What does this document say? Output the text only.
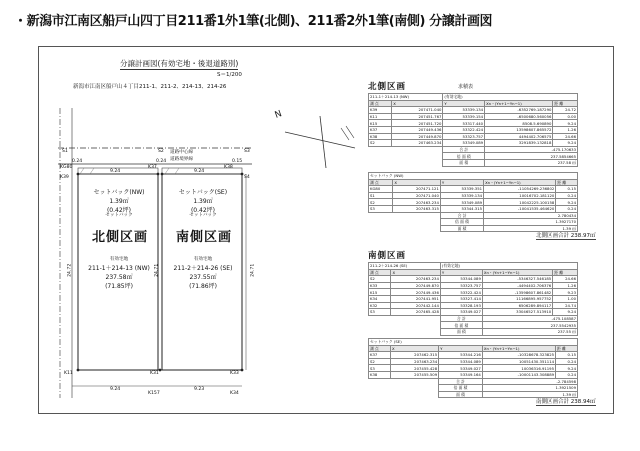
・新潟市江南区船戸山四丁目211番1外1筆(北側)、211番2外1筆(南側) 分譲計画図
分譲計画図(有効宅地・後退道路別)
S＝1/200
新潟市江南区船戸山４丁目211-1、211-2、214-13、214-26
N
道路中心線
道路境界線
KG80	K37	K38
K39
S1	S2	S3
S4
K11	K31
K157
K33
K34
9.24	9.24
9.24	9.23
24.72	24.71	24.71
0.24	0.24	0.15
セットバック(NW)
1.39㎡
(0.42坪)
セットバック
北側区画
有効宅地
211-1＋214-13 (NW)
237.58㎡
(71.85坪)
セットバック(SE)
1.39㎡
(0.42坪)
セットバック
南側区画
有効宅地
211-2＋214-26 (SE)
237.55㎡
(71.86坪)
北側区画	求積表
211-1＋214-13 (NW)		(有効宅地)		
測 点	X	Y	Xn・(Yn+1−Yn−1)	距 離
K39	207471.040	53339.134	-6352769.187290	24.72
K11	207451.767	53339.154	-6500680.560056	0.00
K15	207451.720	53317.440	8508.5.690890	9.24
K37	207449.436	53322.424	13598607.865572	1.26
K38	207449.870	53323.757	4494402.706575	24.66
S2	207463.234	53349.089	3291839.132818	9.24
		合 計	-475.170633	
		倍 面 積	237.5854665	
		面 積	237.58 ㎡	
セットバック (NW)				
測 点	X	Y	Xn・(Yn+1−Yn−1)	距 離
KG80	207471.121	53339.351	-11054269.236802	0.15
S1	207471.040	53339.134	10016702.181120	0.24
S2	207463.234	53349.089	10042225.100158	9.24
S3	207463.315	53344.315	-10041535.464620	0.24
		合 計	2.780434	
		倍 面 積	1.3927170	
		面 積	1.39 ㎡	
北側区画合計 238.97㎡
南側区画
211-2＋214-26 (SE)		(有効宅地)		
測 点	X	Y	Xn・(Yn+1−Yn−1)	距 離
S2	207463.234	53344.089	-5346327.546185	24.66
K33	207449.870	53323.757	-4494402.706376	1.26
K15	207449.436	53322.424	-13598607.861482	9.23
K34	207441.951	53327.414	11166895.957752	1.00
K32	207442.144	53328.193	6506289.894117	24.74
S3	207465.428	53349.027	33046527.513910	9.24
		合 計	-475.108587	
		倍 面 積	237.5542935	
		面 積	237.55 ㎡	
セットバック (SE)				
測 点	X	Y	Xn・(Yn+1−Yn−1)	距 離
K37	207462.315	53344.216	-10328678.323825	0.15
S2	207463.234	53344.089	10051430.351114	0.24
S3	207455.428	53349.027	10036316.91195	9.24
K38	207455.509	53349.164	-10001143.308889	0.24
		合 計	-2.784598	
		倍 面 積	1.3921509	
		面 積	1.39 ㎡	
南側区画合計 238.94㎡
